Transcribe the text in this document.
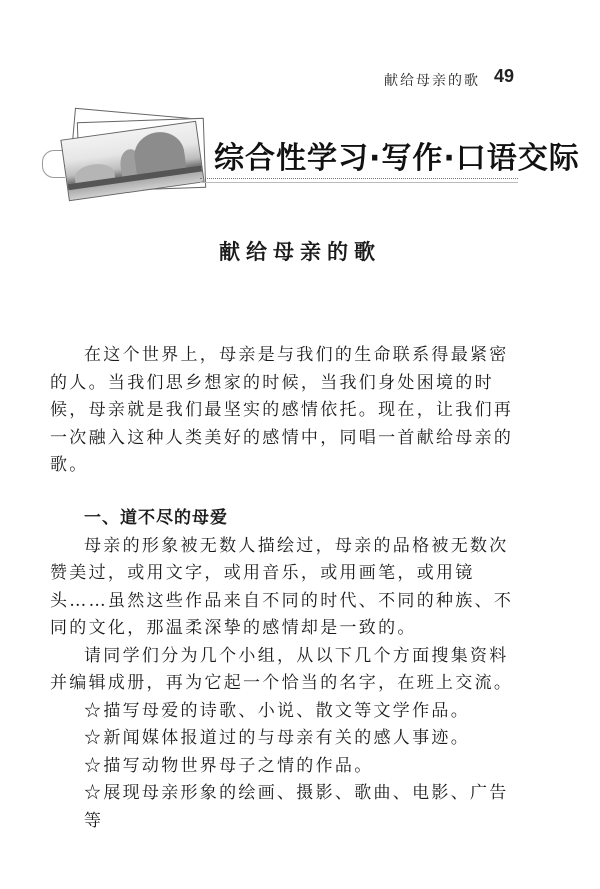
献给母亲的歌 49
综合性学习·写作·口语交际
献给母亲的歌

在这个世界上，母亲是与我们的生命联系得最紧密的人。当我们思乡想家的时候，当我们身处困境的时候，母亲就是我们最坚实的感情依托。现在，让我们再一次融入这种人类美好的感情中，同唱一首献给母亲的歌。

一、道不尽的母爱

母亲的形象被无数人描绘过，母亲的品格被无数次赞美过，或用文字，或用音乐，或用画笔，或用镜头……虽然这些作品来自不同的时代、不同的种族、不同的文化，那温柔深挚的感情却是一致的。

请同学们分为几个小组，从以下几个方面搜集资料并编辑成册，再为它起一个恰当的名字，在班上交流。

☆描写母爱的诗歌、小说、散文等文学作品。
☆新闻媒体报道过的与母亲有关的感人事迹。
☆描写动物世界母子之情的作品。
☆展现母亲形象的绘画、摄影、歌曲、电影、广告等
